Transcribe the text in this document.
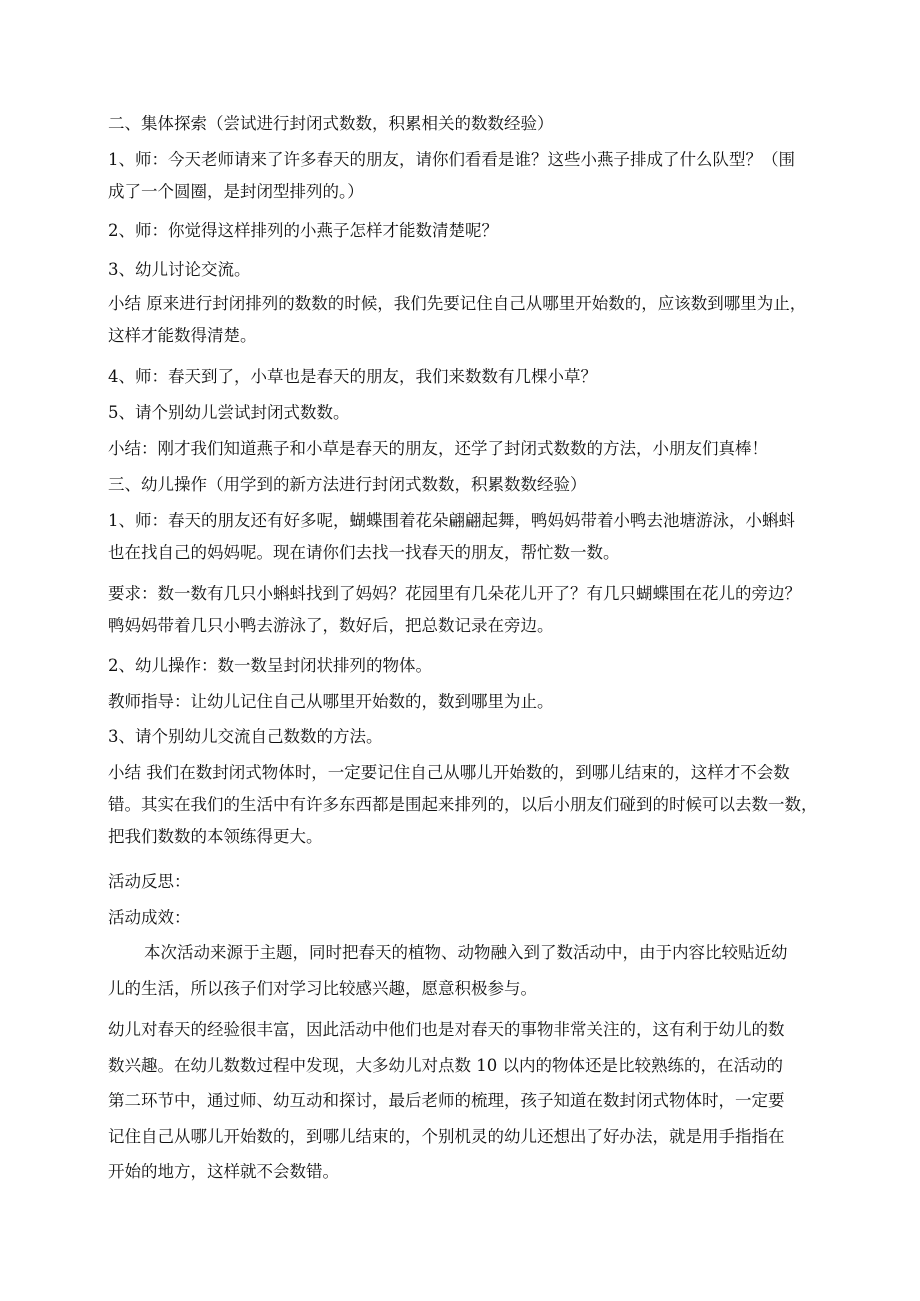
二、集体探索（尝试进行封闭式数数，积累相关的数数经验）
1、师：今天老师请来了许多春天的朋友，请你们看看是谁？这些小燕子排成了什么队型？（围
成了一个圆圈，是封闭型排列的。）
2、师：你觉得这样排列的小燕子怎样才能数清楚呢？
3、幼儿讨论交流。
小结 原来进行封闭排列的数数的时候，我们先要记住自己从哪里开始数的，应该数到哪里为止，
这样才能数得清楚。
4、师：春天到了，小草也是春天的朋友，我们来数数有几棵小草？
5、请个别幼儿尝试封闭式数数。
小结：刚才我们知道燕子和小草是春天的朋友，还学了封闭式数数的方法，小朋友们真棒！
三、幼儿操作（用学到的新方法进行封闭式数数，积累数数经验）
1、师：春天的朋友还有好多呢，蝴蝶围着花朵翩翩起舞，鸭妈妈带着小鸭去池塘游泳，小蝌蚪
也在找自己的妈妈呢。现在请你们去找一找春天的朋友，帮忙数一数。
要求：数一数有几只小蝌蚪找到了妈妈？花园里有几朵花儿开了？有几只蝴蝶围在花儿的旁边？
鸭妈妈带着几只小鸭去游泳了，数好后，把总数记录在旁边。
2、幼儿操作：数一数呈封闭状排列的物体。
教师指导：让幼儿记住自己从哪里开始数的，数到哪里为止。
3、请个别幼儿交流自己数数的方法。
小结 我们在数封闭式物体时，一定要记住自己从哪儿开始数的，到哪儿结束的，这样才不会数
错。其实在我们的生活中有许多东西都是围起来排列的，以后小朋友们碰到的时候可以去数一数，
把我们数数的本领练得更大。
活动反思：
活动成效：
本次活动来源于主题，同时把春天的植物、动物融入到了数活动中，由于内容比较贴近幼
儿的生活，所以孩子们对学习比较感兴趣，愿意积极参与。
幼儿对春天的经验很丰富，因此活动中他们也是对春天的事物非常关注的，这有利于幼儿的数
数兴趣。在幼儿数数过程中发现，大多幼儿对点数 10 以内的物体还是比较熟练的，在活动的
第二环节中，通过师、幼互动和探讨，最后老师的梳理，孩子知道在数封闭式物体时，一定要
记住自己从哪儿开始数的，到哪儿结束的，个别机灵的幼儿还想出了好办法，就是用手指指在
开始的地方，这样就不会数错。
